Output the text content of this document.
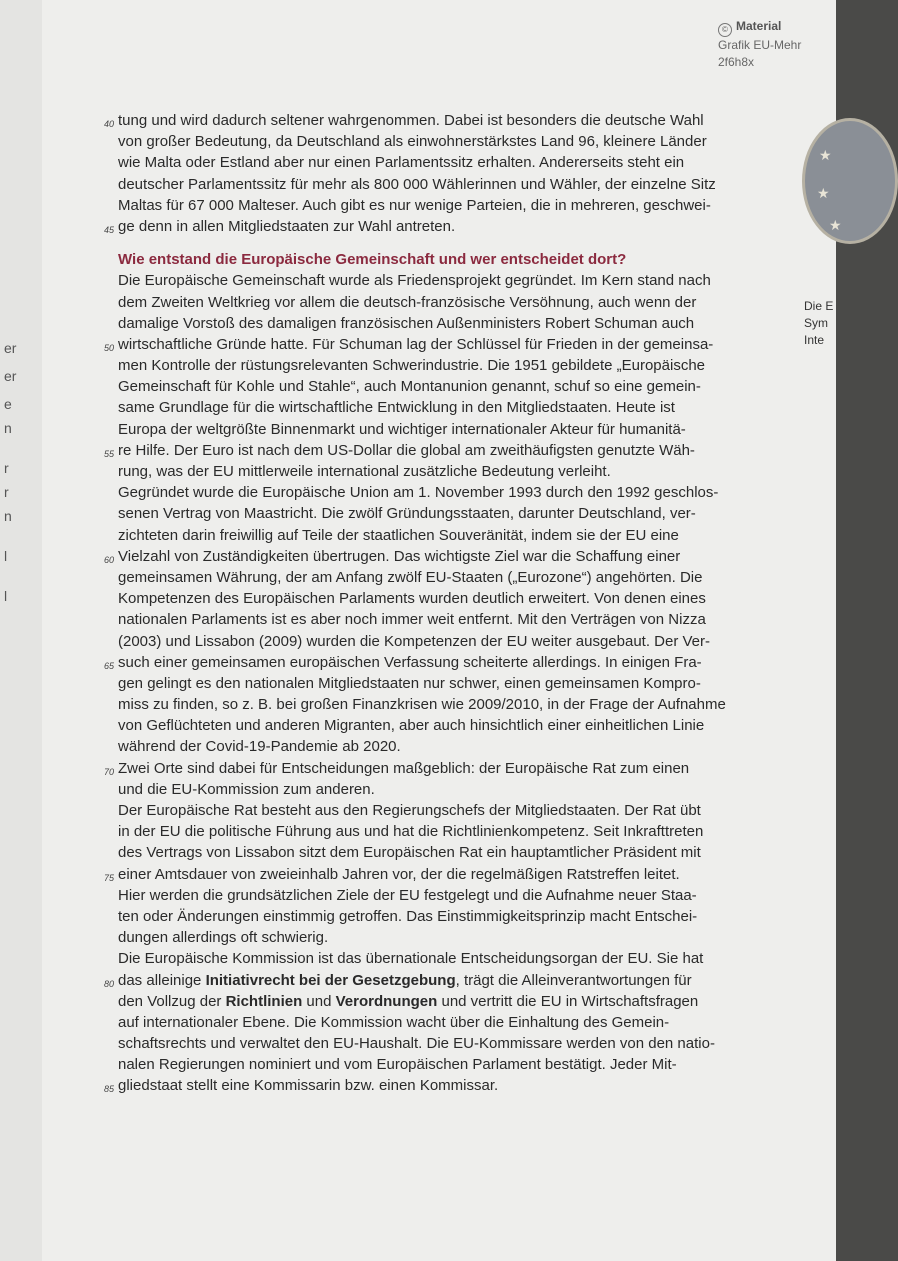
er
er
e
n
r
r
n
l
l
© Material
Grafik EU-Mehr
2f6h8x
★
★
★
Die E
Sym
Inte
40 tung und wird dadurch seltener wahrgenommen. Dabei ist besonders die deutsche Wahl
von großer Bedeutung, da Deutschland als einwohnerstärkstes Land 96, kleinere Länder
wie Malta oder Estland aber nur einen Parlamentssitz erhalten. Andererseits steht ein
deutscher Parlamentssitz für mehr als 800 000 Wählerinnen und Wähler, der einzelne Sitz
Maltas für 67 000 Malteser. Auch gibt es nur wenige Parteien, die in mehreren, geschwei-
45 ge denn in allen Mitgliedstaaten zur Wahl antreten.
Wie entstand die Europäische Gemeinschaft und wer entscheidet dort?
Die Europäische Gemeinschaft wurde als Friedensprojekt gegründet. Im Kern stand nach
dem Zweiten Weltkrieg vor allem die deutsch-französische Versöhnung, auch wenn der
damalige Vorstoß des damaligen französischen Außenministers Robert Schuman auch
50 wirtschaftliche Gründe hatte. Für Schuman lag der Schlüssel für Frieden in der gemeinsa-
men Kontrolle der rüstungsrelevanten Schwerindustrie. Die 1951 gebildete „Europäische
Gemeinschaft für Kohle und Stahle“, auch Montanunion genannt, schuf so eine gemein-
same Grundlage für die wirtschaftliche Entwicklung in den Mitgliedstaaten. Heute ist
Europa der weltgrößte Binnenmarkt und wichtiger internationaler Akteur für humanitä-
55 re Hilfe. Der Euro ist nach dem US-Dollar die global am zweithäufigsten genutzte Wäh-
rung, was der EU mittlerweile international zusätzliche Bedeutung verleiht.
Gegründet wurde die Europäische Union am 1. November 1993 durch den 1992 geschlos-
senen Vertrag von Maastricht. Die zwölf Gründungsstaaten, darunter Deutschland, ver-
zichteten darin freiwillig auf Teile der staatlichen Souveränität, indem sie der EU eine
60 Vielzahl von Zuständigkeiten übertrugen. Das wichtigste Ziel war die Schaffung einer
gemeinsamen Währung, der am Anfang zwölf EU-Staaten („Eurozone“) angehörten. Die
Kompetenzen des Europäischen Parlaments wurden deutlich erweitert. Von denen eines
nationalen Parlaments ist es aber noch immer weit entfernt. Mit den Verträgen von Nizza
(2003) und Lissabon (2009) wurden die Kompetenzen der EU weiter ausgebaut. Der Ver-
65 such einer gemeinsamen europäischen Verfassung scheiterte allerdings. In einigen Fra-
gen gelingt es den nationalen Mitgliedstaaten nur schwer, einen gemeinsamen Kompro-
miss zu finden, so z. B. bei großen Finanzkrisen wie 2009/2010, in der Frage der Aufnahme
von Geflüchteten und anderen Migranten, aber auch hinsichtlich einer einheitlichen Linie
während der Covid-19-Pandemie ab 2020.
70 Zwei Orte sind dabei für Entscheidungen maßgeblich: der Europäische Rat zum einen
und die EU-Kommission zum anderen.
Der Europäische Rat besteht aus den Regierungschefs der Mitgliedstaaten. Der Rat übt
in der EU die politische Führung aus und hat die Richtlinienkompetenz. Seit Inkrafttreten
des Vertrags von Lissabon sitzt dem Europäischen Rat ein hauptamtlicher Präsident mit
75 einer Amtsdauer von zweieinhalb Jahren vor, der die regelmäßigen Ratstreffen leitet.
Hier werden die grundsätzlichen Ziele der EU festgelegt und die Aufnahme neuer Staa-
ten oder Änderungen einstimmig getroffen. Das Einstimmigkeitsprinzip macht Entschei-
dungen allerdings oft schwierig.
Die Europäische Kommission ist das übernationale Entscheidungsorgan der EU. Sie hat
80 das alleinige Initiativrecht bei der Gesetzgebung, trägt die Alleinverantwortungen für
den Vollzug der Richtlinien und Verordnungen und vertritt die EU in Wirtschaftsfragen
auf internationaler Ebene. Die Kommission wacht über die Einhaltung des Gemein-
schaftsrechts und verwaltet den EU-Haushalt. Die EU-Kommissare werden von den natio-
nalen Regierungen nominiert und vom Europäischen Parlament bestätigt. Jeder Mit-
85 gliedstaat stellt eine Kommissarin bzw. einen Kommissar.
